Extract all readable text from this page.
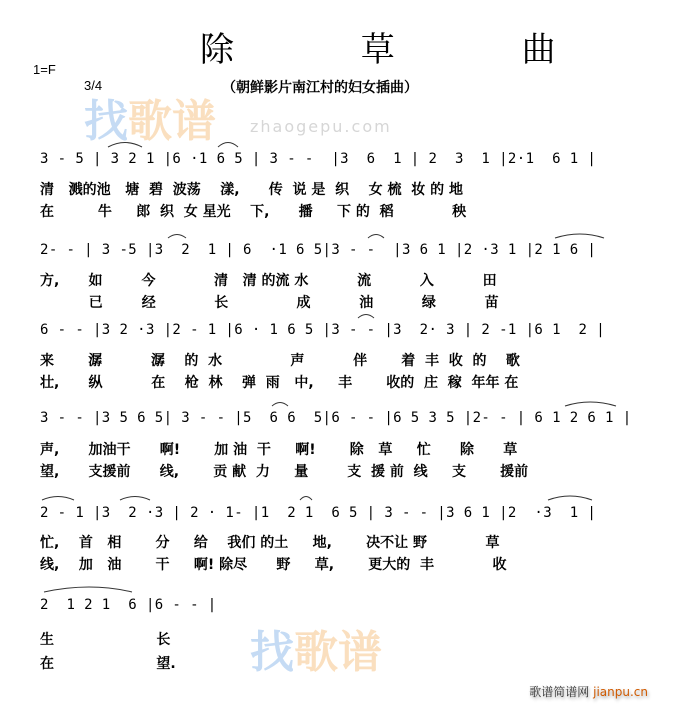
除 草 曲
1=F
3/4	（朝鲜影片南江村的妇女插曲）
找歌谱 zhaogepu.com
找歌谱
3 - 5 | 3 2 1 |6 ·1 6 5 | 3 - -  |3  6  1 | 2  3  1 |2·1  6 1 |
清   溅的池   塘  碧  波荡    漾,      传  说 是  织    女 梳  妆 的 地
在         牛     郎  织  女 星光    下,      播     下 的  稻            秧
2- - | 3 -5 |3  2  1 | 6  ·1 6 5|3 - -  |3 6 1 |2 ·3 1 |2 1 6 |
方,      如        今            清   清 的流 水          流          入          田
已        经            长              成          油          绿          苗
6 - - |3 2 ·3 |2 - 1 |6 · 1 6 5 |3 - - |3  2· 3 | 2 -1 |6 1  2 |
来       潺          潺    的  水              声          伴       着  丰  收  的    歌
壮,      纵          在    枪  林    弹  雨   中,     丰       收的  庄  稼  年年 在
3 - - |3 5 6 5| 3 - - |5  6 6  5|6 - - |6 5 3 5 |2- - | 6 1 2 6 1 |
声,      加油干      啊!       加 油  干     啊!       除   草     忙      除      草
望,      支援前      线,       贡 献  力     量        支  援 前  线     支       援前
2 - 1 |3  2 ·3 | 2 · 1- |1  2 1  6 5 | 3 - - |3 6 1 |2  ·3  1 |
忙,    首   相       分     给    我们 的土     地,       决不让 野            草
线,    加   油       干     啊! 除尽      野     草,       更大的  丰            收
2  1 2 1  6 |6 - - |
生                     长
在                     望.
歌谱简谱网 jianpu.cn
